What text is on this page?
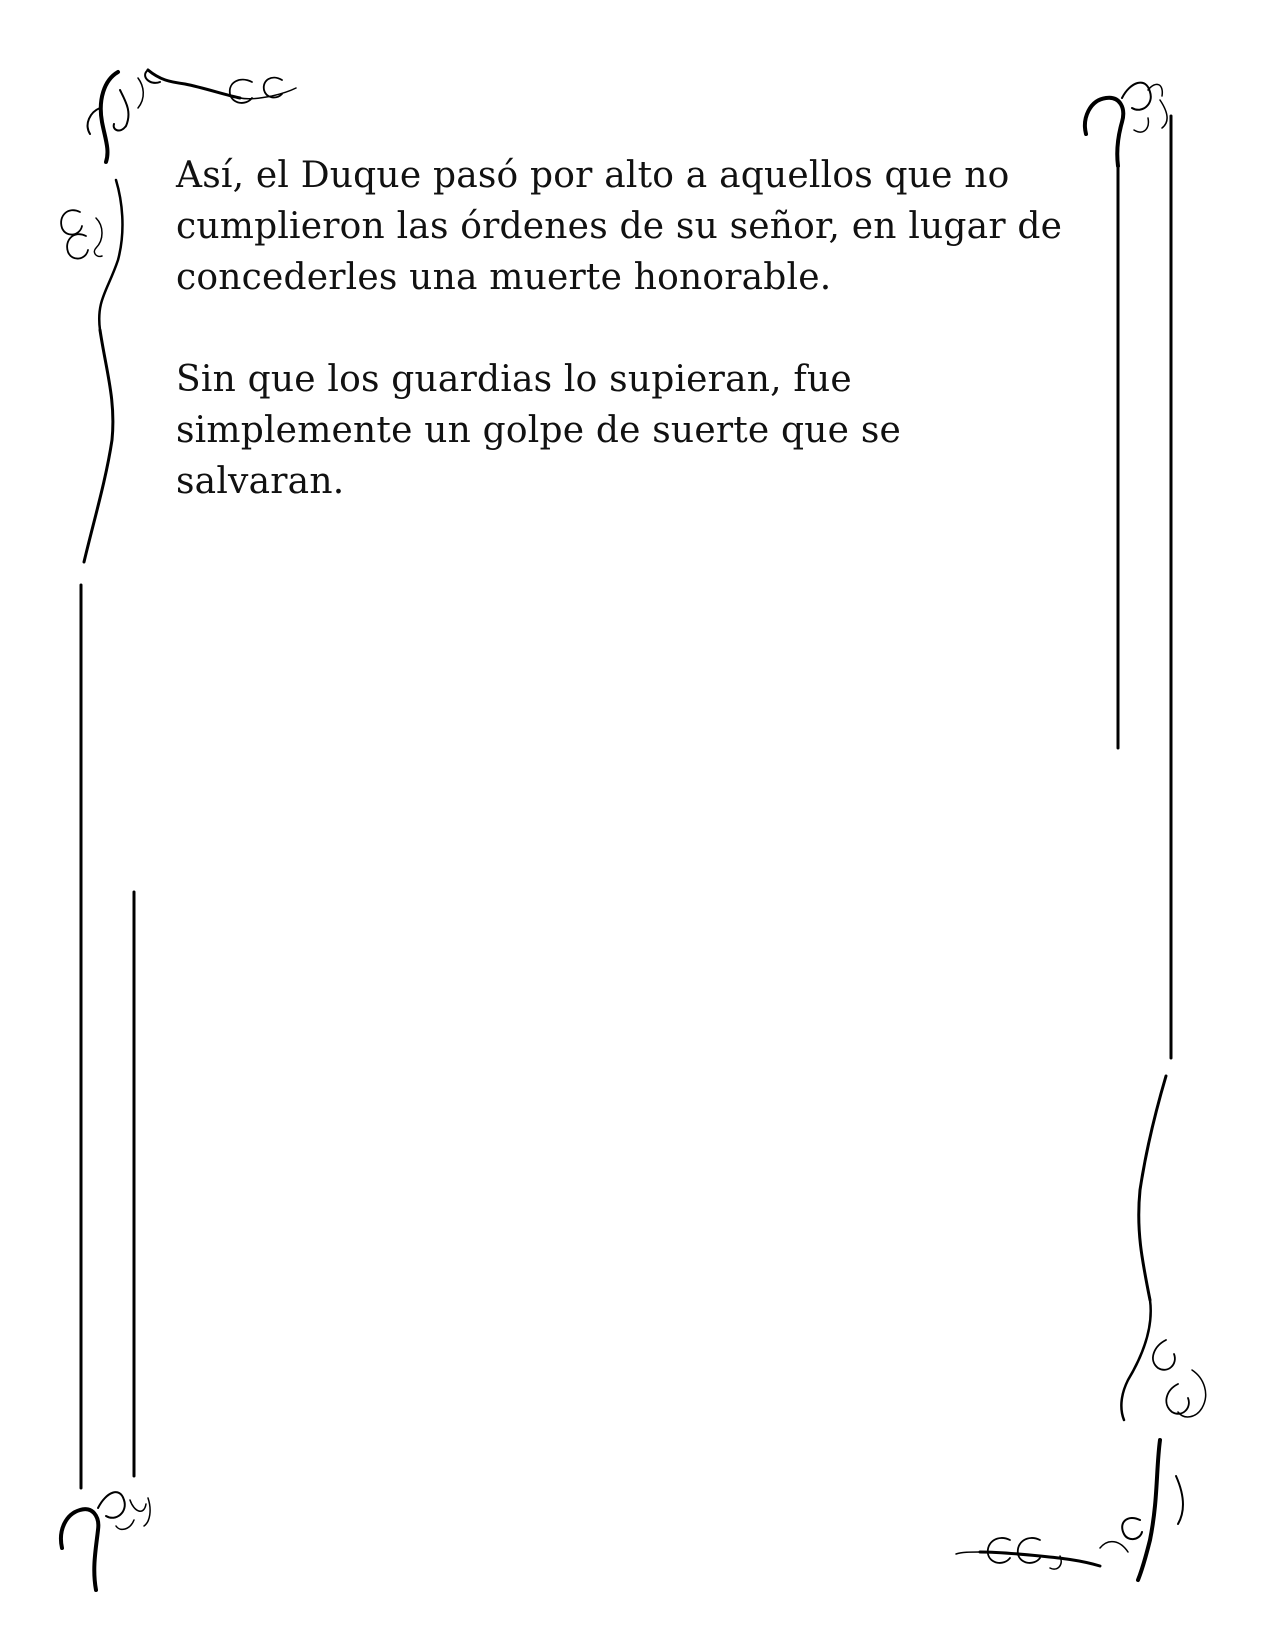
Así, el Duque pasó por alto a aquellos que no
cumplieron las órdenes de su señor, en lugar de
concederles una muerte honorable.

Sin que los guardias lo supieran, fue
simplemente un golpe de suerte que se
salvaran.
